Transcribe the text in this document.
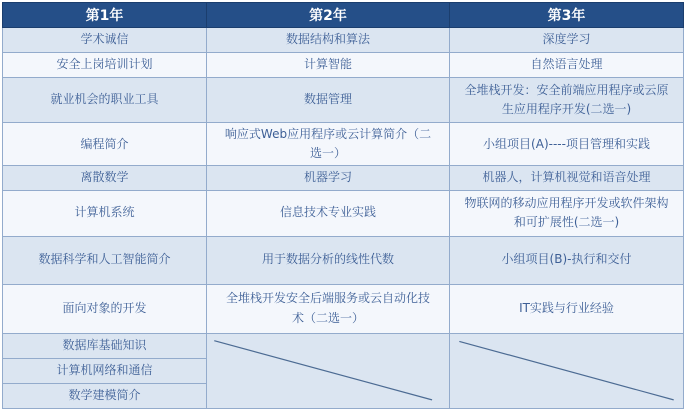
第1年	第2年	第3年
学术诚信	数据结构和算法	深度学习
安全上岗培训计划	计算智能	自然语言处理
就业机会的职业工具	数据管理	全堆栈开发：安全前端应用程序或云原生应用程序开发(二选一)
编程简介	响应式Web应用程序或云计算简介（二选一）	小组项目(A)----项目管理和实践
离散数学	机器学习	机器人，计算机视觉和语音处理
计算机系统	信息技术专业实践	物联网的移动应用程序开发或软件架构和可扩展性(二选一)
数据科学和人工智能简介	用于数据分析的线性代数	小组项目(B)-执行和交付
面向对象的开发	全堆栈开发安全后端服务或云自动化技术（二选一）	IT实践与行业经验
数据库基础知识	

计算机网络和通信		
数学建模简介		
